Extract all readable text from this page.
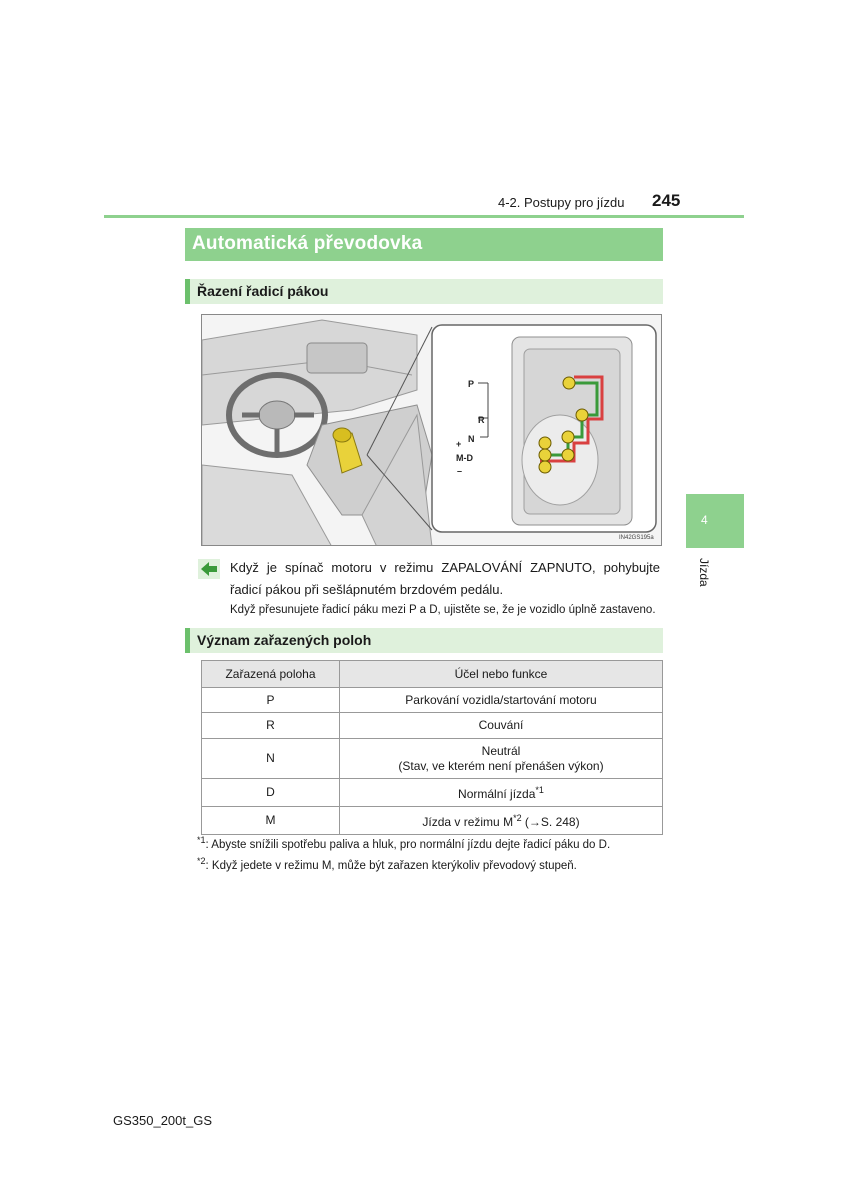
4-2. Postupy pro jízdu 245
4
Jízda
Automatická převodovka
Řazení řadicí pákou
P
R
N
+
M-D
–
IN42GS195a
Když je spínač motoru v režimu ZAPALOVÁNÍ ZAPNUTO, pohybujte řadicí pákou při sešlápnutém brzdovém pedálu.
Když přesunujete řadicí páku mezi P a D, ujistěte se, že je vozidlo úplně zastaveno.
Význam zařazených poloh
Zařazená poloha	Účel nebo funkce
P	Parkování vozidla/startování motoru
R	Couvání
N	Neutrál
(Stav, ve kterém není přenášen výkon)

D	Normální jízda$^{*1}$
M	Jízda v režimu $M^{*2}$ (→S. 248)
$^{*1}$: Abyste snížili spotřebu paliva a hluk, pro normální jízdu dejte řadicí páku do D.
$^{*2}$: Když jedete v režimu M, může být zařazen kterýkoliv převodový stupeň.
GS350_200t_GS
